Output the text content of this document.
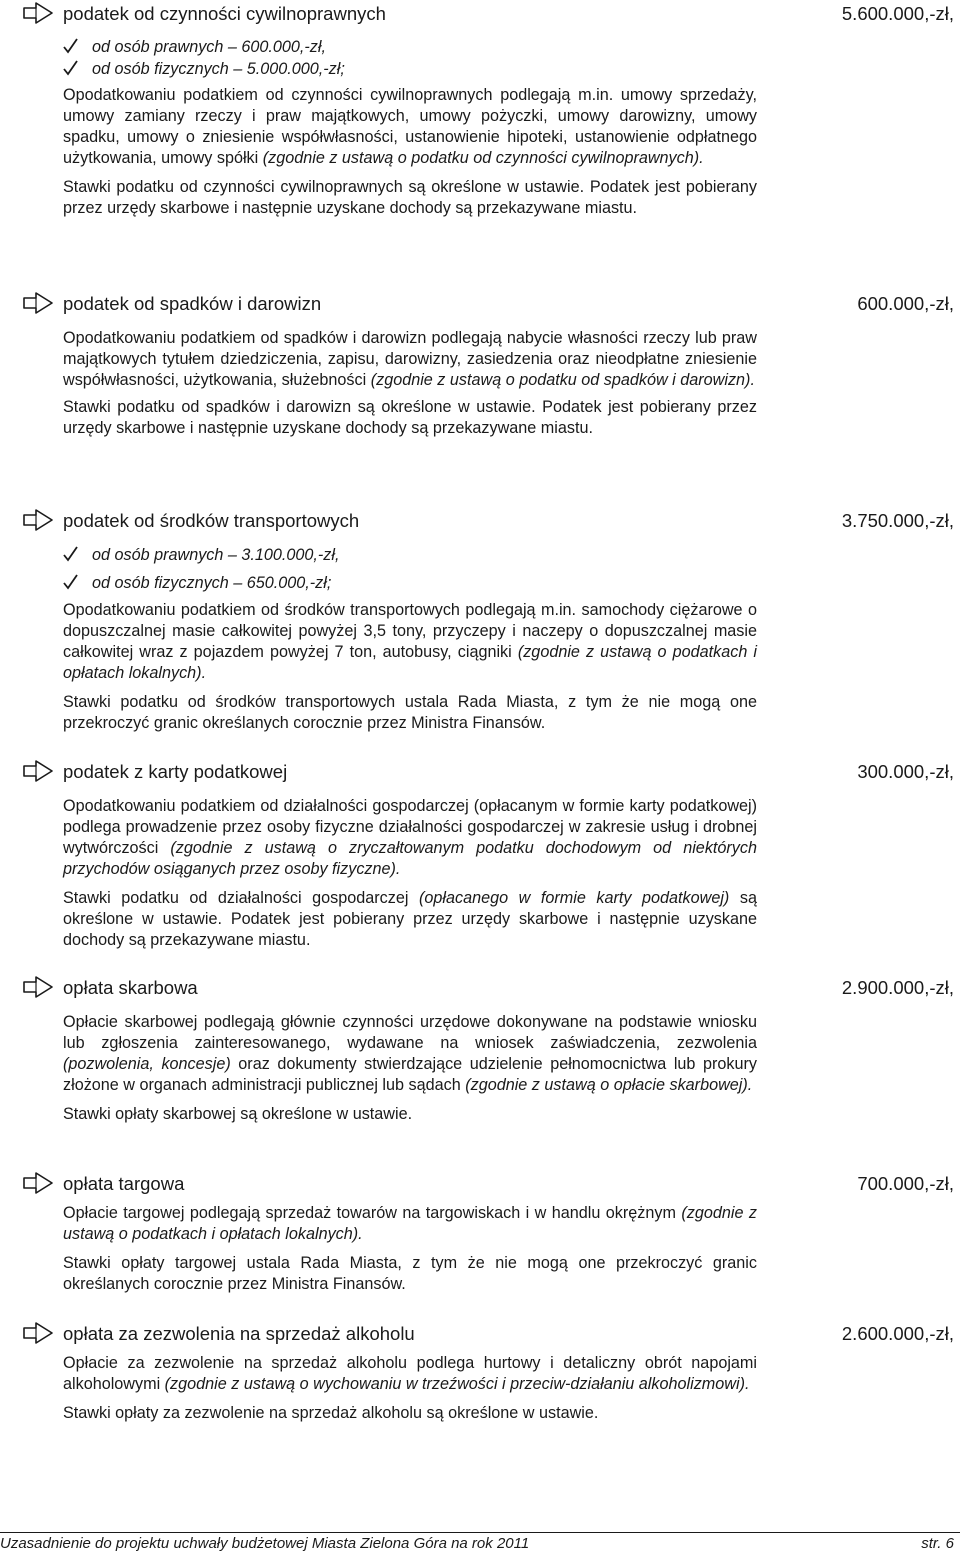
podatek od czynności cywilnoprawnych	5.600.000,-zł,
od osób prawnych – 600.000,-zł,
od osób fizycznych – 5.000.000,-zł;

Opodatkowaniu podatkiem od czynności cywilnoprawnych podlegają m.in. umowy sprzedaży, umowy zamiany rzeczy i praw majątkowych, umowy pożyczki, umowy darowizny, umowy spadku, umowy o zniesienie współwłasności, ustanowienie hipoteki, ustanowienie odpłatnego użytkowania, umowy spółki (zgodnie z ustawą o podatku od czynności cywilnoprawnych).

Stawki podatku od czynności cywilnoprawnych są określone w ustawie. Podatek jest pobierany przez urzędy skarbowe i następnie uzyskane dochody są przekazywane miastu.

podatek od spadków i darowizn	600.000,-zł,

Opodatkowaniu podatkiem od spadków i darowizn podlegają nabycie własności rzeczy lub praw majątkowych tytułem dziedziczenia, zapisu, darowizny, zasiedzenia oraz nieodpłatne zniesienie współwłasności, użytkowania, służebności (zgodnie z ustawą o podatku od spadków i darowizn).

Stawki podatku od spadków i darowizn są określone w ustawie. Podatek jest pobierany przez urzędy skarbowe i następnie uzyskane dochody są przekazywane miastu.

podatek od środków transportowych	3.750.000,-zł,
od osób prawnych – 3.100.000,-zł,
od osób fizycznych – 650.000,-zł;

Opodatkowaniu podatkiem od środków transportowych podlegają m.in. samochody ciężarowe o dopuszczalnej masie całkowitej powyżej 3,5 tony, przyczepy i naczepy o dopuszczalnej masie całkowitej wraz z pojazdem powyżej 7 ton, autobusy, ciągniki (zgodnie z ustawą o podatkach i opłatach lokalnych).

Stawki podatku od środków transportowych ustala Rada Miasta, z tym że nie mogą one przekroczyć granic określanych corocznie przez Ministra Finansów.

podatek z karty podatkowej	300.000,-zł,

Opodatkowaniu podatkiem od działalności gospodarczej (opłacanym w formie karty podatkowej) podlega prowadzenie przez osoby fizyczne działalności gospodarczej w zakresie usług i drobnej wytwórczości (zgodnie z ustawą o zryczałtowanym podatku dochodowym od niektórych przychodów osiąganych przez osoby fizyczne).

Stawki podatku od działalności gospodarczej (opłacanego w formie karty podatkowej) są określone w ustawie. Podatek jest pobierany przez urzędy skarbowe i następnie uzyskane dochody są przekazywane miastu.

opłata skarbowa	2.900.000,-zł,

Opłacie skarbowej podlegają głównie czynności urzędowe dokonywane na podstawie wniosku lub zgłoszenia zainteresowanego, wydawane na wniosek zaświadczenia, zezwolenia (pozwolenia, koncesje) oraz dokumenty stwierdzające udzielenie pełnomocnictwa lub prokury złożone w organach administracji publicznej lub sądach (zgodnie z ustawą o opłacie skarbowej).

Stawki opłaty skarbowej są określone w ustawie.

opłata targowa	700.000,-zł,

Opłacie targowej podlegają sprzedaż towarów na targowiskach i w handlu okrężnym (zgodnie z ustawą o podatkach i opłatach lokalnych).

Stawki opłaty targowej ustala Rada Miasta, z tym że nie mogą one przekroczyć granic określanych corocznie przez Ministra Finansów.

opłata za zezwolenia na sprzedaż alkoholu	2.600.000,-zł,

Opłacie za zezwolenie na sprzedaż alkoholu podlega hurtowy i detaliczny obrót napojami alkoholowymi (zgodnie z ustawą o wychowaniu w trzeźwości i przeciw-działaniu alkoholizmowi).

Stawki opłaty za zezwolenie na sprzedaż alkoholu są określone w ustawie.

Uzasadnienie do projektu uchwały budżetowej Miasta Zielona Góra na rok 2011	str. 6
